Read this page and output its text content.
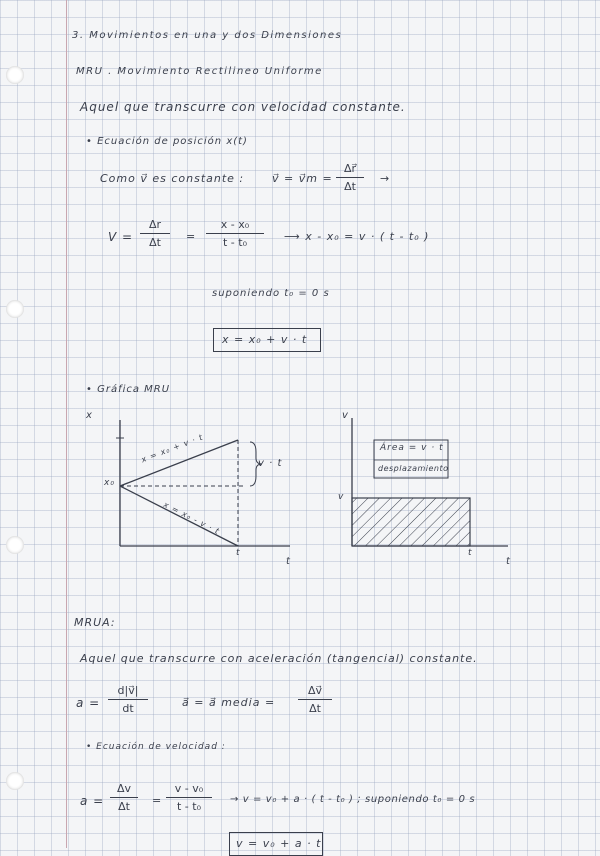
3. Movimientos en una y dos Dimensiones
MRU . Movimiento Rectilineo Uniforme
Aquel que transcurre con velocidad constante.
• Ecuación de posición x(t)
Como v⃗ es constante :	v⃗ = v⃗m =
Δr⃗
Δt
→
V =
Δr
Δt	=
x - x₀
t - t₀	⟶ x - x₀ = v · ( t - t₀ )
suponiendo t₀ = 0 s
x = x₀ + v · t
• Gráfica MRU
x
t
x₀
t
x = x₀ + v · t
x = x₀ - v · t
v · t
v
t
v
t
Área = v · t
desplazamiento
MRUA:
Aquel que transcurre con aceleración (tangencial) constante.
a =
d|v⃗|
dt	a⃗ = a⃗ media =
Δv⃗
Δt
• Ecuación de velocidad :
a =
Δv
Δt	=
v - v₀
t - t₀
→ v = v₀ + a · ( t - t₀ ) ; suponiendo t₀ = 0 s
v = v₀ + a · t
